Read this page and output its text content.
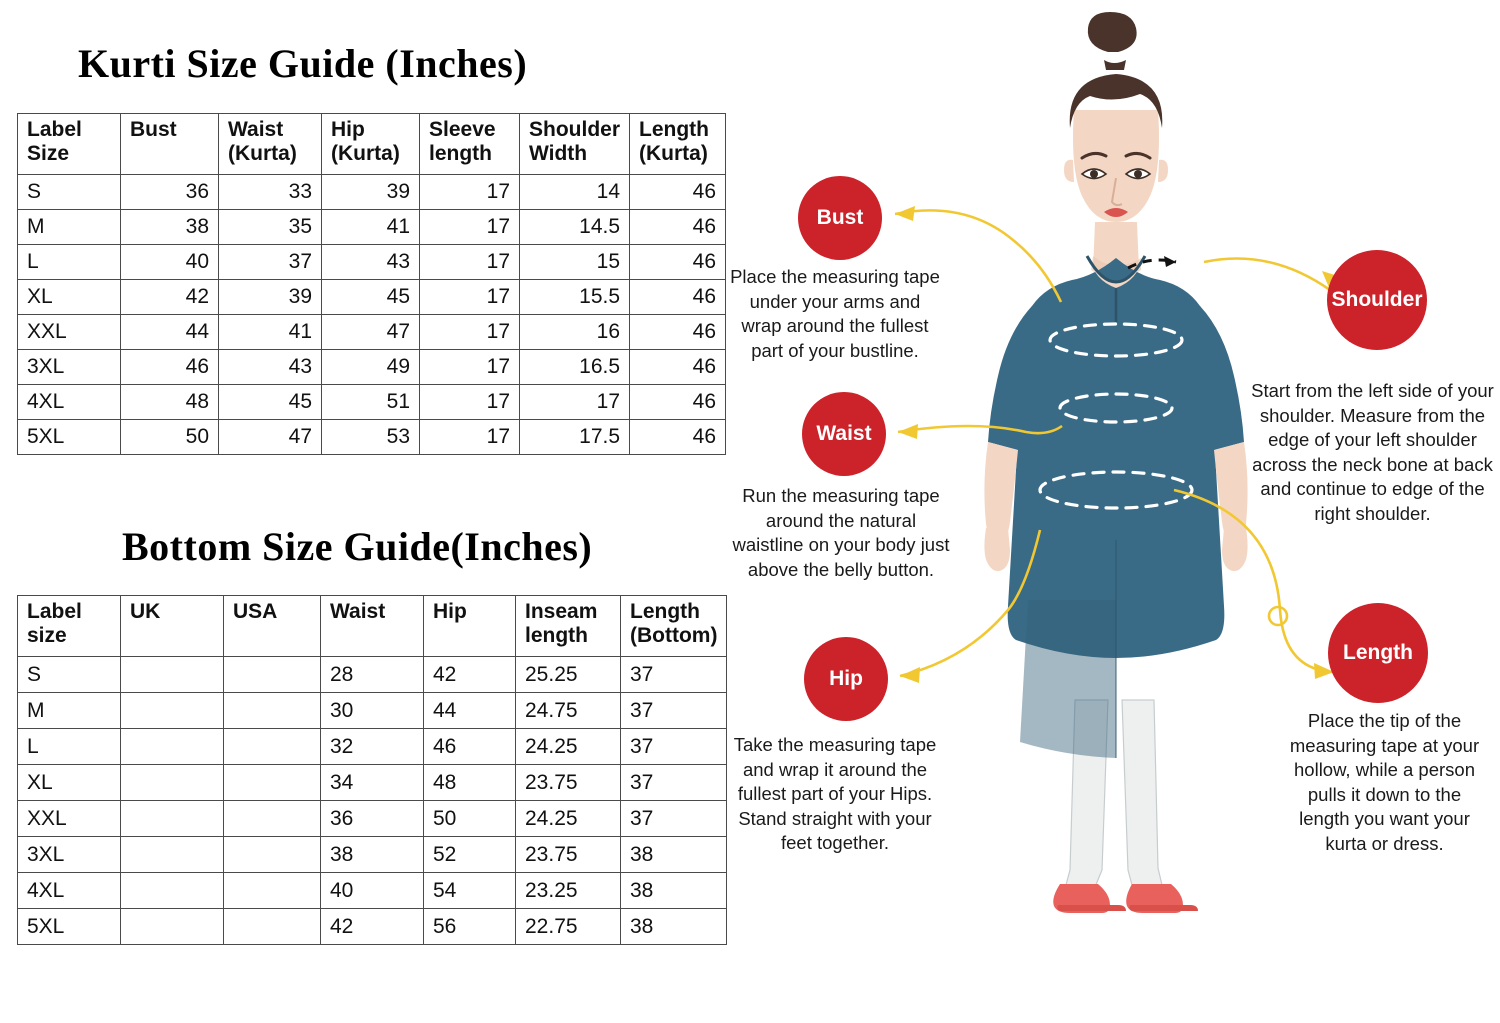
Kurti Size Guide (Inches)
Label Size	Bust	Waist (Kurta)	Hip (Kurta)	Sleeve length	Shoulder Width	Length (Kurta)
S	36	33	39	17	14	46
M	38	35	41	17	14.5	46
L	40	37	43	17	15	46
XL	42	39	45	17	15.5	46
XXL	44	41	47	17	16	46
3XL	46	43	49	17	16.5	46
4XL	48	45	51	17	17	46
5XL	50	47	53	17	17.5	46
Bottom Size Guide(Inches)
Label size	UK	USA	Waist	Hip	Inseam length	Length (Bottom)
S			28	42	25.25	37
M			30	44	24.75	37
L			32	46	24.25	37
XL			34	48	23.75	37
XXL			36	50	24.25	37
3XL			38	52	23.75	38
4XL			40	54	23.25	38
5XL			42	56	22.75	38
Bust
Waist
Hip
Shoulder
Length
Place the measuring tape under your arms and wrap around the fullest part of your bustline.
Run the measuring tape around the natural waistline on your body just above the belly button.
Take the measuring tape and wrap it around the fullest part of your Hips. Stand straight with your feet together.
Start from the left side of your shoulder. Measure from the edge of your left shoulder across the neck bone at back and continue to edge of the right shoulder.
Place the tip of the measuring tape at your hollow, while a person pulls it down to the length you want your kurta or dress.
